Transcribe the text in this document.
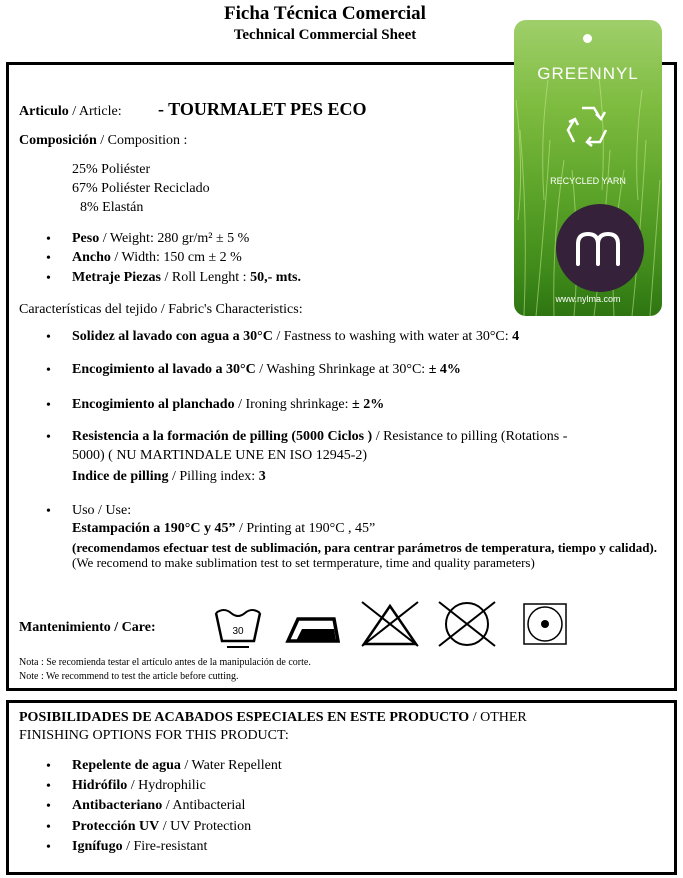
Ficha Técnica Comercial
Technical Commercial Sheet
GREENNYL
RECYCLED YARN
www.nylma.com
Articulo / Article: - TOURMALET PES ECO
Composición / Composition :
25% Poliéster
67% Poliéster Reciclado
8% Elastán
• Peso / Weight: 280 gr/m² ± 5 %
• Ancho / Width: 150 cm ± 2 %
• Metraje Piezas / Roll Lenght : 50,- mts.
Características del tejido / Fabric's Characteristics:
• Solidez al lavado con agua a 30°C / Fastness to washing with water at 30°C: 4
• Encogimiento al lavado a 30°C / Washing Shrinkage at 30°C: ± 4%
• Encogimiento al planchado / Ironing shrinkage: ± 2%
• Resistencia a la formación de pilling (5000 Ciclos ) / Resistance to pilling (Rotations -
5000) ( NU MARTINDALE UNE EN ISO 12945-2)
Indice de pilling / Pilling index: 3
• Uso / Use:
Estampación a 190°C y 45” / Printing at 190°C , 45”
(recomendamos efectuar test de sublimación, para centrar parámetros de temperatura, tiempo y calidad). (We recomend to make sublimation test to set termperature, time and quality parameters)
Mantenimiento / Care:	30
Nota : Se recomienda testar el artículo antes de la manipulación de corte.
Note : We recommend to test the article before cutting.
POSIBILIDADES DE ACABADOS ESPECIALES EN ESTE PRODUCTO / OTHER
FINISHING OPTIONS FOR THIS PRODUCT:
• Repelente de agua / Water Repellent
• Hidrófilo / Hydrophilic
• Antibacteriano / Antibacterial
• Protección UV / UV Protection
• Ignífugo / Fire-resistant
